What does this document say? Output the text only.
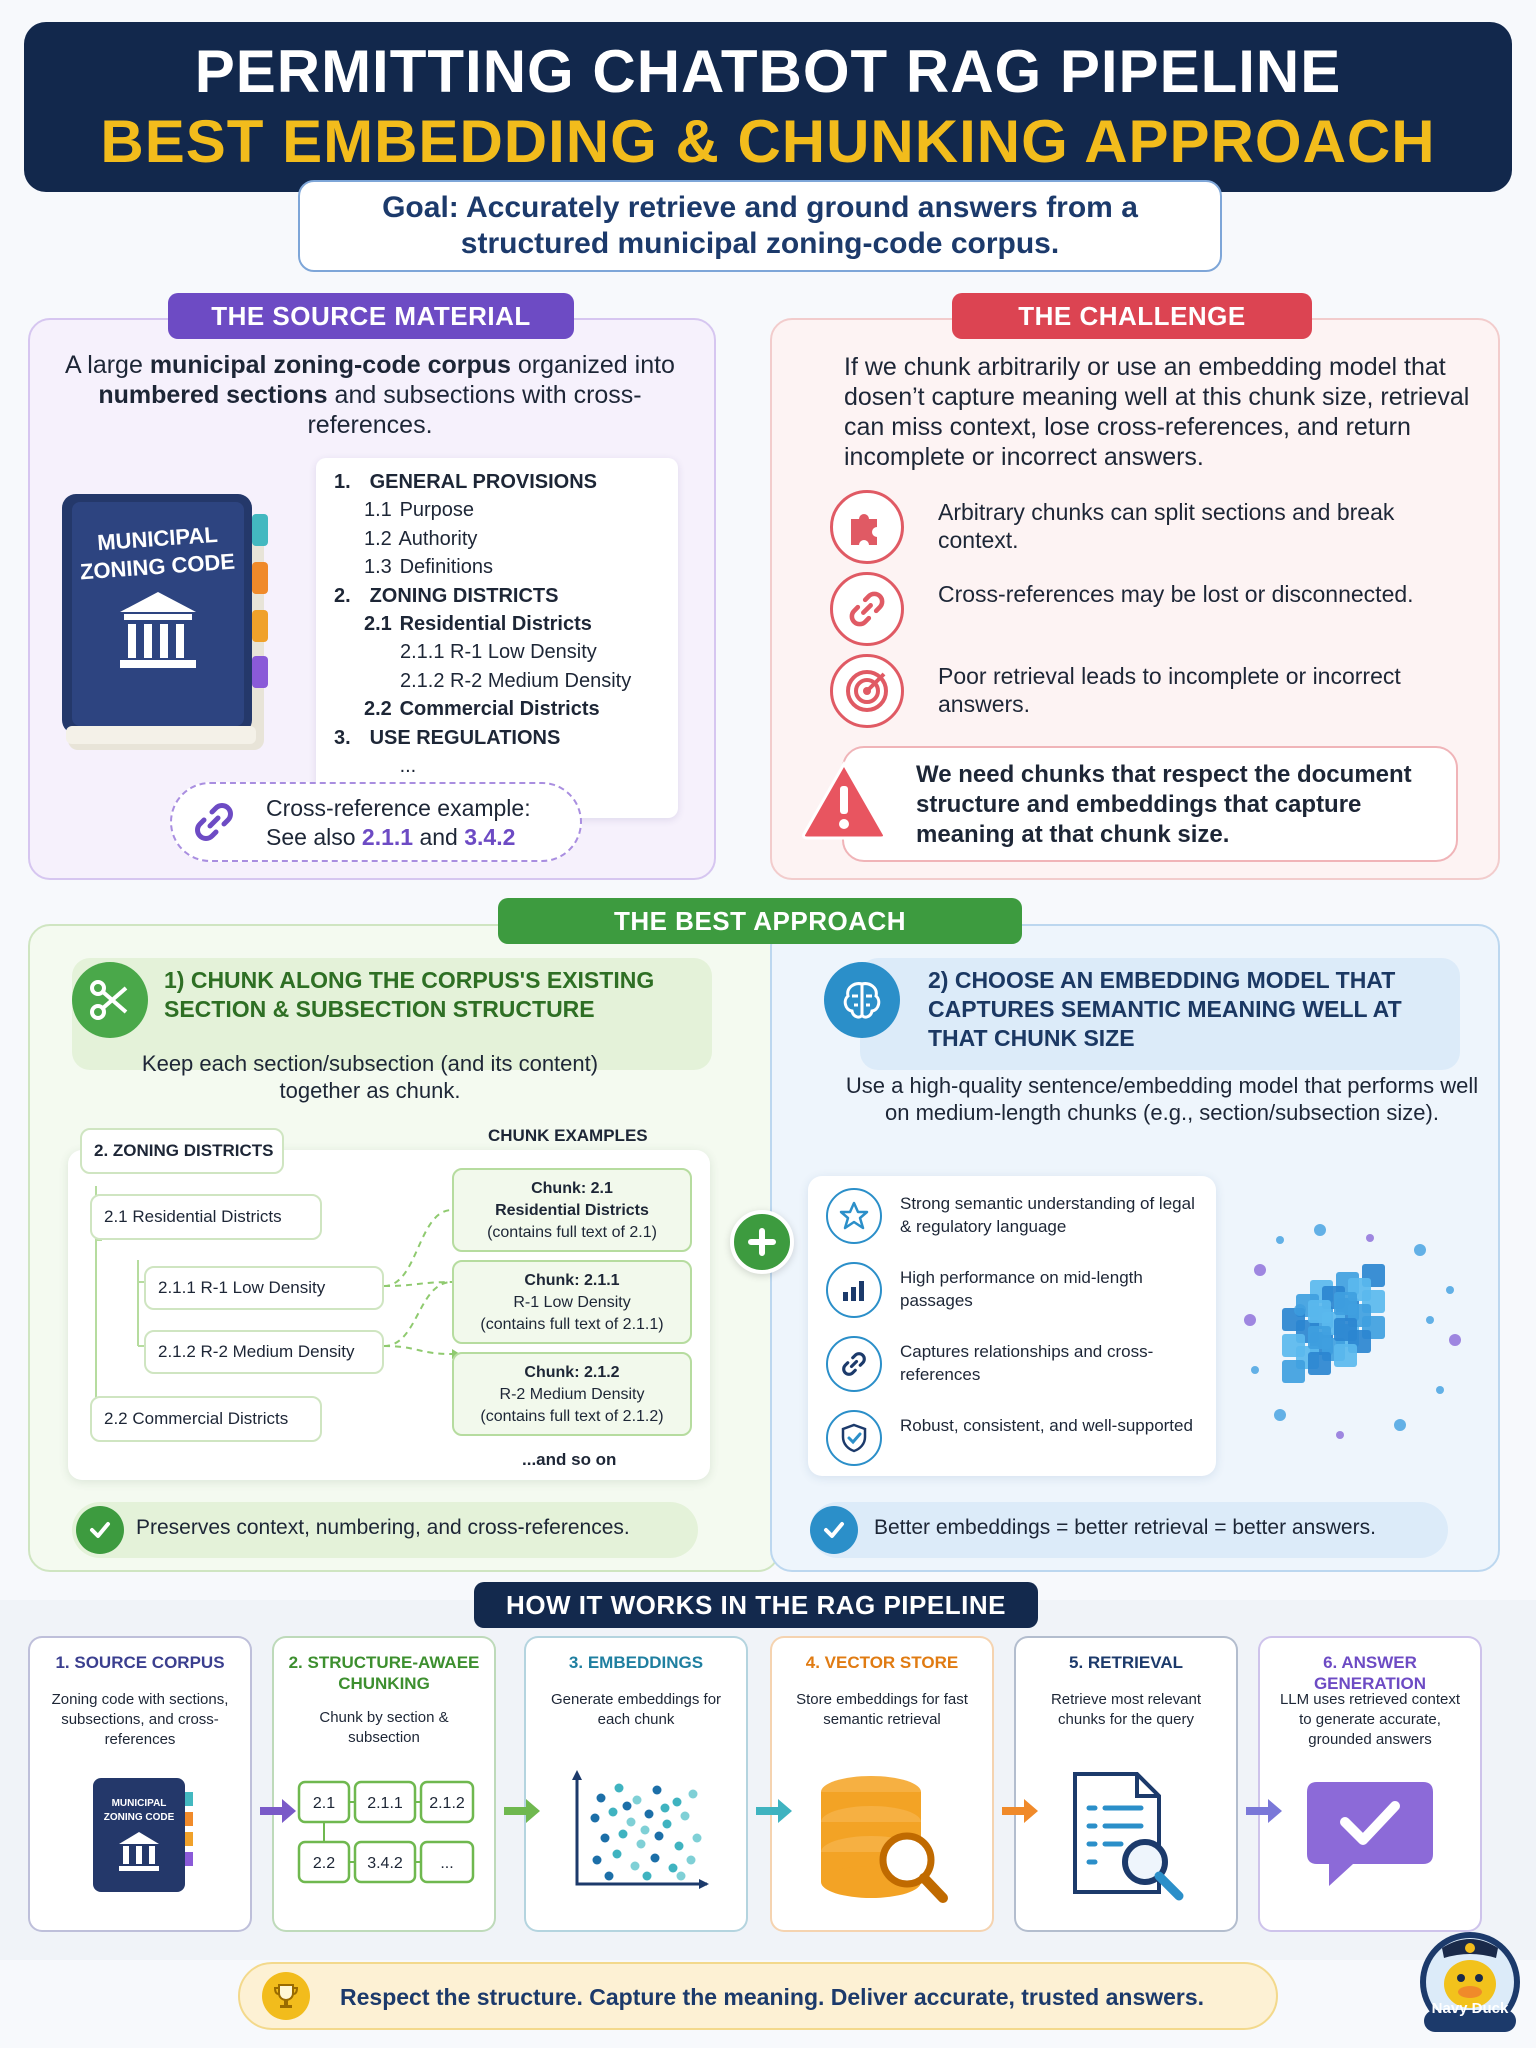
PERMITTING CHATBOT RAG PIPELINE
BEST EMBEDDING & CHUNKING APPROACH
Goal: Accurately retrieve and ground answers from a structured municipal zoning-code corpus.
THE SOURCE MATERIAL
A large municipal zoning-code corpus organized into numbered sections and subsections with cross-references.
MUNICIPAL
ZONING CODE
1. GENERAL PROVISIONS
1.1 Purpose
1.2 Authority
1.3 Definitions
2. ZONING DISTRICTS
2.1 Residential Districts
2.1.1 R-1 Low Density
2.1.2 R-2 Medium Density
2.2 Commercial Districts
3. USE REGULATIONS
...
Cross-reference example:
See also 2.1.1 and 3.4.2
THE CHALLENGE
If we chunk arbitrarily or use an embedding model that dosen’t capture meaning well at this chunk size, retrieval can miss context, lose cross-references, and return incomplete or incorrect answers.
Arbitrary chunks can split sections and break context.
Cross-references may be lost or disconnected.
Poor retrieval leads to incomplete or incorrect answers.
We need chunks that respect the document structure and embeddings that capture meaning at that chunk size.
THE BEST APPROACH
1) CHUNK ALONG THE CORPUS'S EXISTING SECTION & SUBSECTION STRUCTURE
Keep each section/subsection (and its content) together as chunk.
2. ZONING DISTRICTS
2.1 Residential Districts
2.1.1 R-1 Low Density
2.1.2 R-2 Medium Density
2.2 Commercial Districts
CHUNK EXAMPLES
Chunk: 2.1
Residential Districts
(contains full text of 2.1)
Chunk: 2.1.1
R-1 Low Density
(contains full text of 2.1.1)
Chunk: 2.1.2
R-2 Medium Density
(contains full text of 2.1.2)
...and so on
Preserves context, numbering, and cross-references.
2) CHOOSE AN EMBEDDING MODEL THAT CAPTURES SEMANTIC MEANING WELL AT THAT CHUNK SIZE
Use a high-quality sentence/embedding model that performs well on medium-length chunks (e.g., section/subsection size).
Strong semantic understanding of legal & regulatory language
High performance on mid-length passages
Captures relationships and cross-references
Robust, consistent, and well-supported
Better embeddings = better retrieval = better answers.
HOW IT WORKS IN THE RAG PIPELINE
1. SOURCE CORPUS
Zoning code with sections, subsections, and cross-references
MUNICIPAL
ZONING CODE
2. STRUCTURE-AWAEE CHUNKING
Chunk by section & subsection
2.1 2.1.1 2.1.2
2.2 3.4.2 ...
3. EMBEDDINGS
Generate embeddings for each chunk
4. VECTOR STORE
Store embeddings for fast semantic retrieval
5. RETRIEVAL
Retrieve most relevant chunks for the query
6. ANSWER GENERATION
LLM uses retrieved context to generate accurate, grounded answers
Respect the structure. Capture the meaning. Deliver accurate, trusted answers.	Navy Duck
